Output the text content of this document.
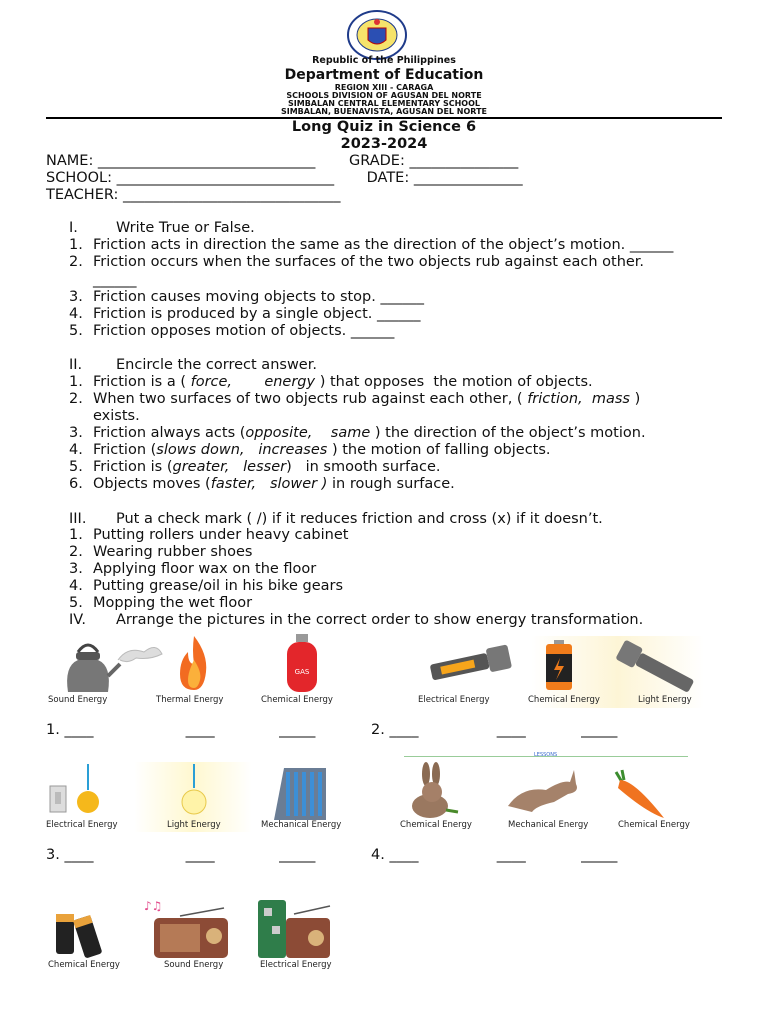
Republic of the Philippines
Department of Education
REGION XIII - CARAGA
SCHOOLS DIVISION OF AGUSAN DEL NORTE
SIMBALAN CENTRAL ELEMENTARY SCHOOL
SIMBALAN, BUENAVISTA, AGUSAN DEL NORTE
Long Quiz in Science 6
2023-2024
NAME: ______________________________ GRADE: _______________
SCHOOL: ______________________________ DATE: _______________
TEACHER: ______________________________
I.	Write True or False.
1. Friction acts in direction the same as the direction of the object’s motion. ______
2. Friction occurs when the surfaces of the two objects rub against each other.
______
3. Friction causes moving objects to stop. ______
4. Friction is produced by a single object. ______
5. Friction opposes motion of objects. ______
II. Encircle the correct answer.
1. Friction is a ( force, energy ) that opposes  the motion of objects.
2. When two surfaces of two objects rub against each other, ( friction, mass )
exists.
3. Friction always acts (opposite, same ) the direction of the object’s motion.
4. Friction (slows down, increases ) the motion of falling objects.
5. Friction is (greater, lesser)   in smooth surface.
6. Objects moves (faster, slower ) in rough surface.
III. Put a check mark ( /) if it reduces friction and cross (x) if it doesn’t.
1. Putting rollers under heavy cabinet
2. Wearing rubber shoes
3. Applying floor wax on the floor
4. Putting grease/oil in his bike gears
5. Mopping the wet floor
IV. Arrange the pictures in the correct order to show energy transformation.
GAS
Sound Energy	Thermal Energy	Chemical Energy	Electrical Energy	Chemical Energy	Light Energy
1. ____                    ____              _____	2. ____                 ____            _____
Electrical Energy	Light Energy	Mechanical Energy
LESSONS
Chemical Energy	Mechanical Energy	Chemical Energy
3. ____                    ____              _____	4. ____                 ____            _____
♪♫
Chemical Energy	Sound Energy	Electrical Energy
